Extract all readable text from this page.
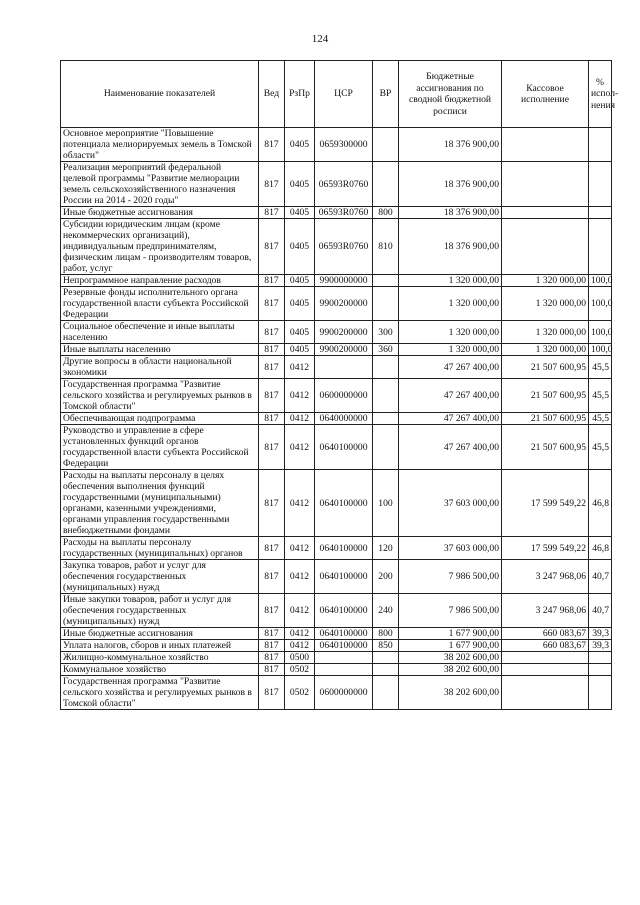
124
Наименование показателей	Вед	РзПр	ЦСР	ВР	Бюджетные ассигнования по сводной бюджетной росписи	Кассовое исполнение	% испол-нения
Основное мероприятие "Повышение потенциала мелиорируемых земель в Томской области"	817	0405	0659300000		18 376 900,00		
Реализация мероприятий федеральной целевой программы "Развитие мелиорации земель сельскохозяйственного назначения России на 2014 - 2020 годы"	817	0405	06593R0760		18 376 900,00		
Иные бюджетные ассигнования	817	0405	06593R0760	800	18 376 900,00		
Субсидии юридическим лицам (кроме некоммерческих организаций), индивидуальным предпринимателям, физическим лицам - производителям товаров, работ, услуг	817	0405	06593R0760	810	18 376 900,00		
Непрограммное направление расходов	817	0405	9900000000		1 320 000,00	1 320 000,00	100,0
Резервные фонды исполнительного органа государственной власти субъекта Российской Федерации	817	0405	9900200000		1 320 000,00	1 320 000,00	100,0
Социальное обеспечение и иные выплаты населению	817	0405	9900200000	300	1 320 000,00	1 320 000,00	100,0
Иные выплаты населению	817	0405	9900200000	360	1 320 000,00	1 320 000,00	100,0
Другие вопросы в области национальной экономики	817	0412			47 267 400,00	21 507 600,95	45,5
Государственная программа "Развитие сельского хозяйства и регулируемых рынков в Томской области"	817	0412	0600000000		47 267 400,00	21 507 600,95	45,5
Обеспечивающая подпрограмма	817	0412	0640000000		47 267 400,00	21 507 600,95	45,5
Руководство и управление в сфере установленных функций органов государственной власти субъекта Российской Федерации	817	0412	0640100000		47 267 400,00	21 507 600,95	45,5
Расходы на выплаты персоналу в целях обеспечения выполнения функций государственными (муниципальными) органами, казенными учреждениями, органами управления государственными внебюджетными фондами	817	0412	0640100000	100	37 603 000,00	17 599 549,22	46,8
Расходы на выплаты персоналу государственных (муниципальных) органов	817	0412	0640100000	120	37 603 000,00	17 599 549,22	46,8
Закупка товаров, работ и услуг для обеспечения государственных (муниципальных) нужд	817	0412	0640100000	200	7 986 500,00	3 247 968,06	40,7
Иные закупки товаров, работ и услуг для обеспечения государственных (муниципальных) нужд	817	0412	0640100000	240	7 986 500,00	3 247 968,06	40,7
Иные бюджетные ассигнования	817	0412	0640100000	800	1 677 900,00	660 083,67	39,3
Уплата налогов, сборов и иных платежей	817	0412	0640100000	850	1 677 900,00	660 083,67	39,3
Жилищно-коммунальное хозяйство	817	0500			38 202 600,00		
Коммунальное хозяйство	817	0502			38 202 600,00		
Государственная программа "Развитие сельского хозяйства и регулируемых рынков в Томской области"	817	0502	0600000000		38 202 600,00		
